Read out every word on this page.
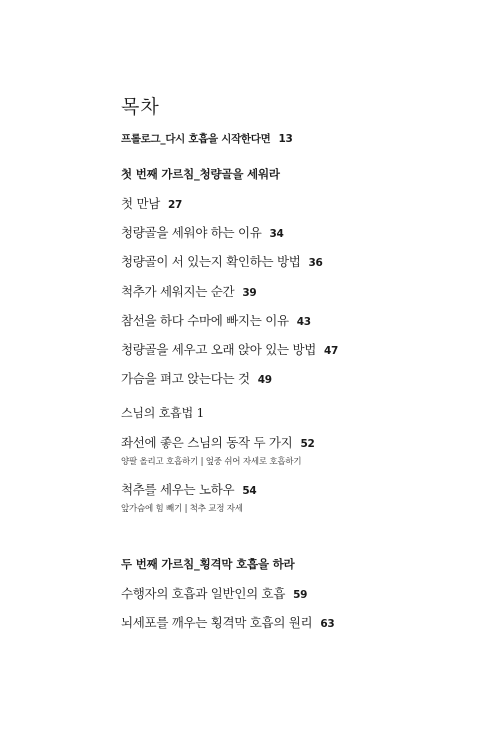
목차
프롤로그_다시 호흡을 시작한다면 13
첫 번째 가르침_청량골을 세워라
첫 만남 27
청량골을 세워야 하는 이유 34
청량골이 서 있는지 확인하는 방법 36
척추가 세워지는 순간 39
참선을 하다 수마에 빠지는 이유 43
청량골을 세우고 오래 앉아 있는 방법 47
가슴을 펴고 앉는다는 것 49
스님의 호흡법 1
좌선에 좋은 스님의 동작 두 가지 52
양팔 올리고 호흡하기 | 엎중 쉬어 자세로 호흡하기
척추를 세우는 노하우 54
앞가슴에 힘 빼기 | 척추 교정 자세
두 번째 가르침_횡격막 호흡을 하라
수행자의 호흡과 일반인의 호흡 59
뇌세포를 깨우는 횡격막 호흡의 원리 63
